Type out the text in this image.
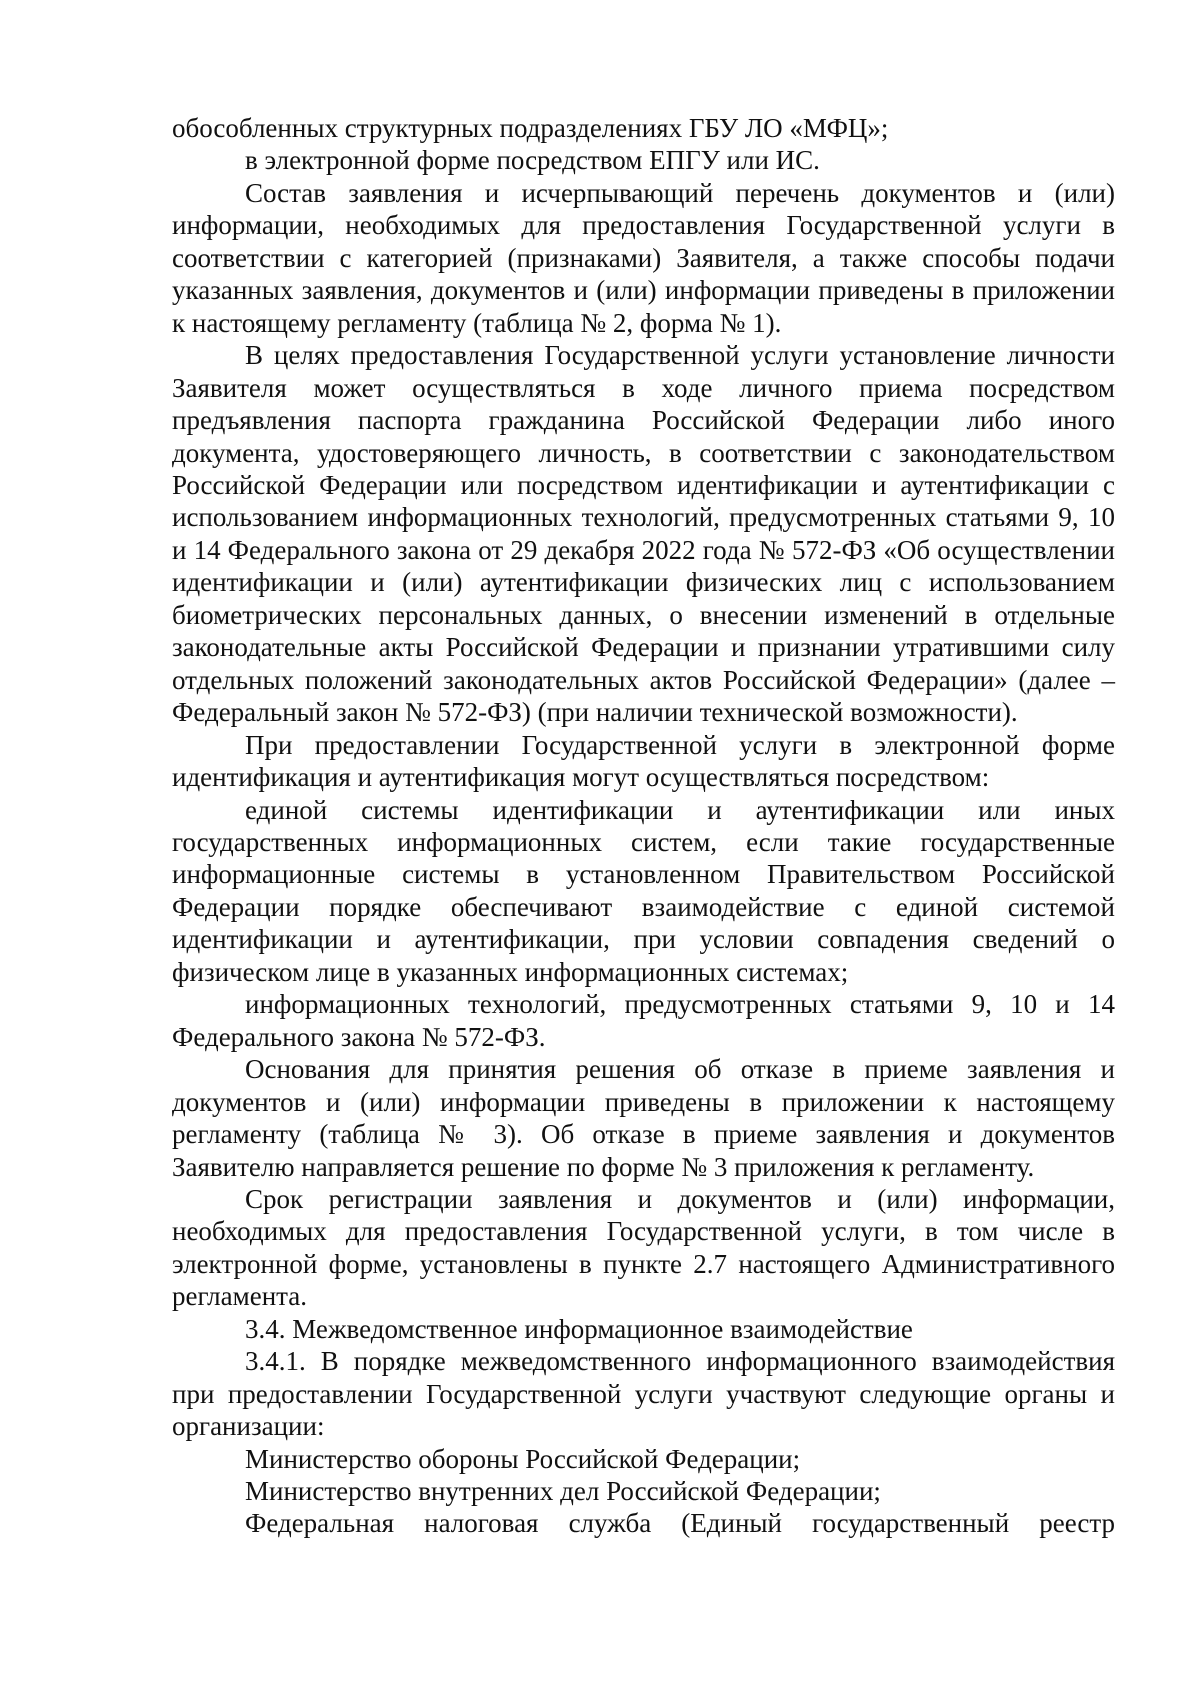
обособленных структурных подразделениях ГБУ ЛО «МФЦ»;

в электронной форме посредством ЕПГУ или ИС.

Состав заявления и исчерпывающий перечень документов и (или) информации, необходимых для предоставления Государственной услуги в соответствии с категорией (признаками) Заявителя, а также способы подачи указанных заявления, документов и (или) информации приведены в приложении к настоящему регламенту (таблица № 2, форма № 1).

В целях предоставления Государственной услуги установление личности Заявителя может осуществляться в ходе личного приема посредством предъявления паспорта гражданина Российской Федерации либо иного документа, удостоверяющего личность, в соответствии с законодательством Российской Федерации или посредством идентификации и аутентификации с использованием информационных технологий, предусмотренных статьями 9, 10 и 14 Федерального закона от 29 декабря 2022 года № 572-ФЗ «Об осуществлении идентификации и (или) аутентификации физических лиц с использованием биометрических персональных данных, о внесении изменений в отдельные законодательные акты Российской Федерации и признании утратившими силу отдельных положений законодательных актов Российской Федерации» (далее – Федеральный закон № 572-ФЗ) (при наличии технической возможности).

При предоставлении Государственной услуги в электронной форме идентификация и аутентификация могут осуществляться посредством:

единой системы идентификации и аутентификации или иных государственных информационных систем, если такие государственные информационные системы в установленном Правительством Российской Федерации порядке обеспечивают взаимодействие с единой системой идентификации и аутентификации, при условии совпадения сведений о физическом лице в указанных информационных системах;

информационных технологий, предусмотренных статьями 9, 10 и 14 Федерального закона № 572-ФЗ.

Основания для принятия решения об отказе в приеме заявления и документов и (или) информации приведены в приложении к настоящему регламенту (таблица № 3). Об отказе в приеме заявления и документов Заявителю направляется решение по форме № 3 приложения к регламенту.

Срок регистрации заявления и документов и (или) информации, необходимых для предоставления Государственной услуги, в том числе в электронной форме, установлены в пункте 2.7 настоящего Административного регламента.

3.4. Межведомственное информационное взаимодействие

3.4.1. В порядке межведомственного информационного взаимодействия при предоставлении Государственной услуги участвуют следующие органы и организации:

Министерство обороны Российской Федерации;

Министерство внутренних дел Российской Федерации;

Федеральная налоговая служба (Единый государственный реестр
